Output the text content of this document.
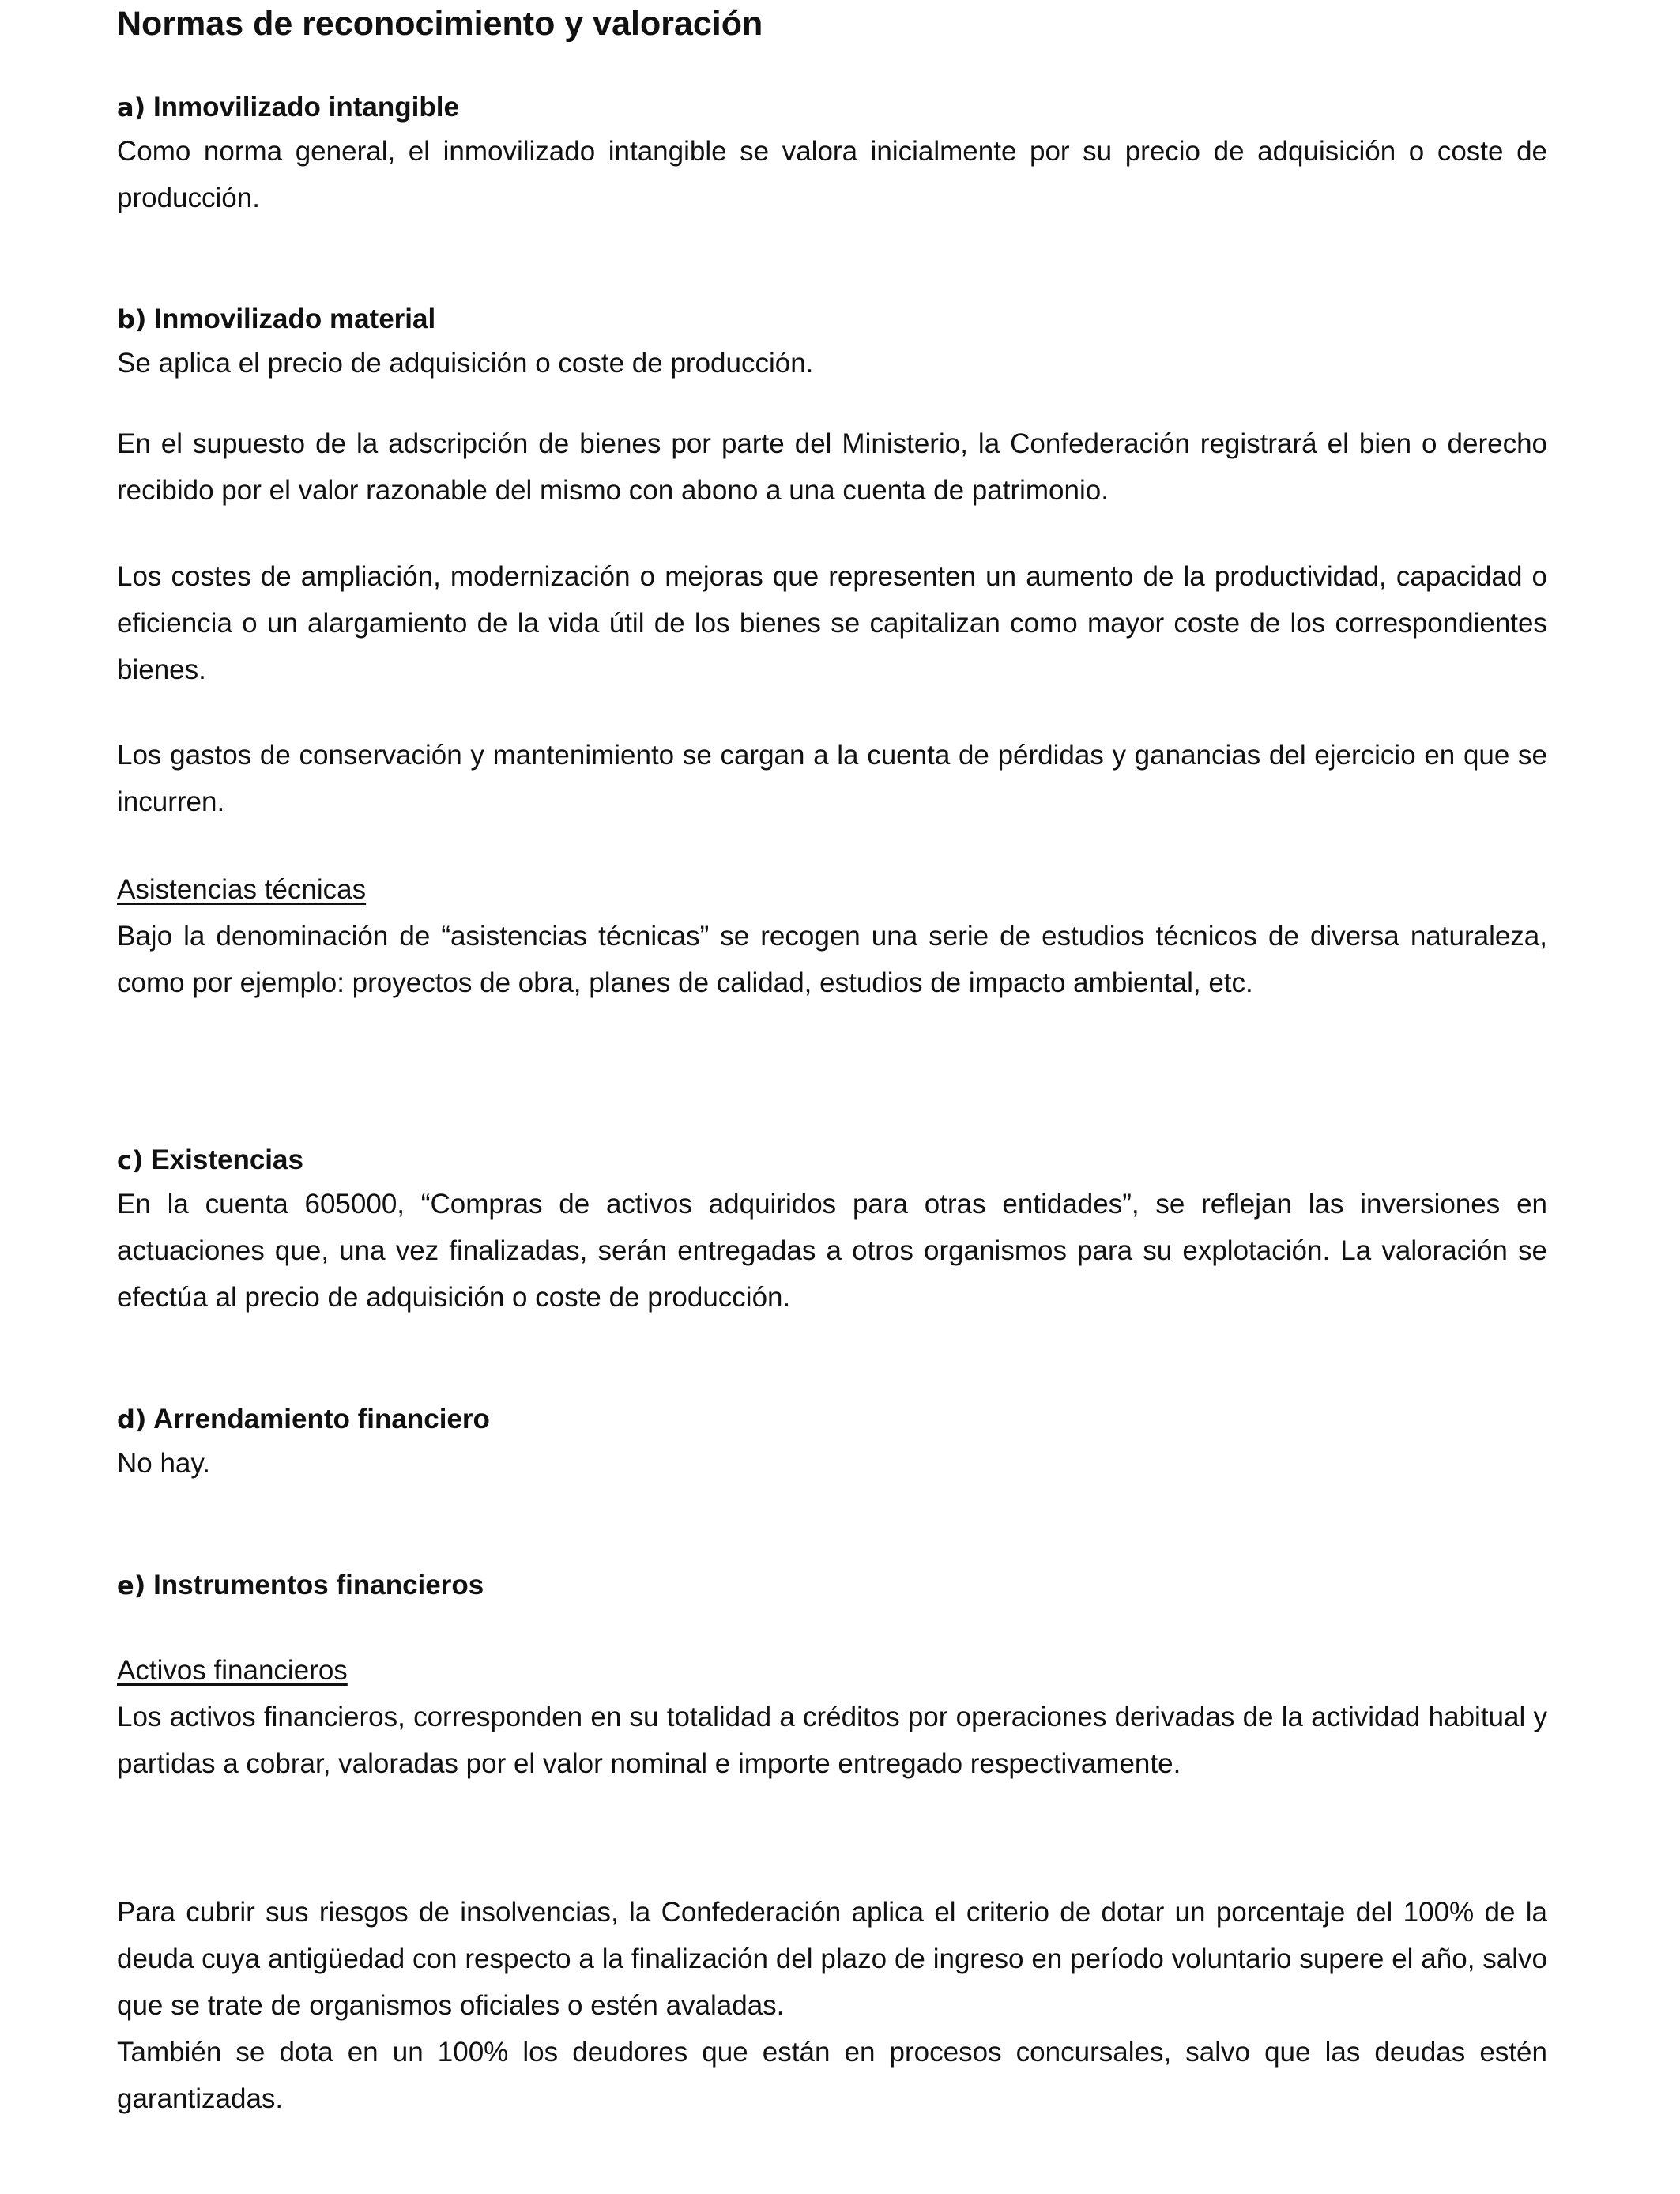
Normas de reconocimiento y valoración
a) Inmovilizado intangible

Como norma general, el inmovilizado intangible se valora inicialmente por su precio de adquisición o coste de producción.

b) Inmovilizado material

Se aplica el precio de adquisición o coste de producción.

En el supuesto de la adscripción de bienes por parte del Ministerio, la Confederación registrará el bien o derecho recibido por el valor razonable del mismo con abono a una cuenta de patrimonio.

Los costes de ampliación, modernización o mejoras que representen un aumento de la productividad, capacidad o eficiencia o un alargamiento de la vida útil de los bienes se capitalizan como mayor coste de los correspondientes bienes.

Los gastos de conservación y mantenimiento se cargan a la cuenta de pérdidas y ganancias del ejercicio en que se incurren.

Asistencias técnicas

Bajo la denominación de “asistencias técnicas” se recogen una serie de estudios técnicos de diversa naturaleza, como por ejemplo: proyectos de obra, planes de calidad, estudios de impacto ambiental, etc.

c) Existencias

En la cuenta 605000, “Compras de activos adquiridos para otras entidades”, se reflejan las inversiones en actuaciones que, una vez finalizadas, serán entregadas a otros organismos para su explotación. La valoración se efectúa al precio de adquisición o coste de producción.

d) Arrendamiento financiero

No hay.

e) Instrumentos financieros
Activos financieros

Los activos financieros, corresponden en su totalidad a créditos por operaciones derivadas de la actividad habitual y partidas a cobrar, valoradas por el valor nominal e importe entregado respectivamente.

Para cubrir sus riesgos de insolvencias, la Confederación aplica el criterio de dotar un porcentaje del 100% de la deuda cuya antigüedad con respecto a la finalización del plazo de ingreso en período voluntario supere el año, salvo que se trate de organismos oficiales o estén avaladas.

También se dota en un 100% los deudores que están en procesos concursales, salvo que las deudas estén garantizadas.
